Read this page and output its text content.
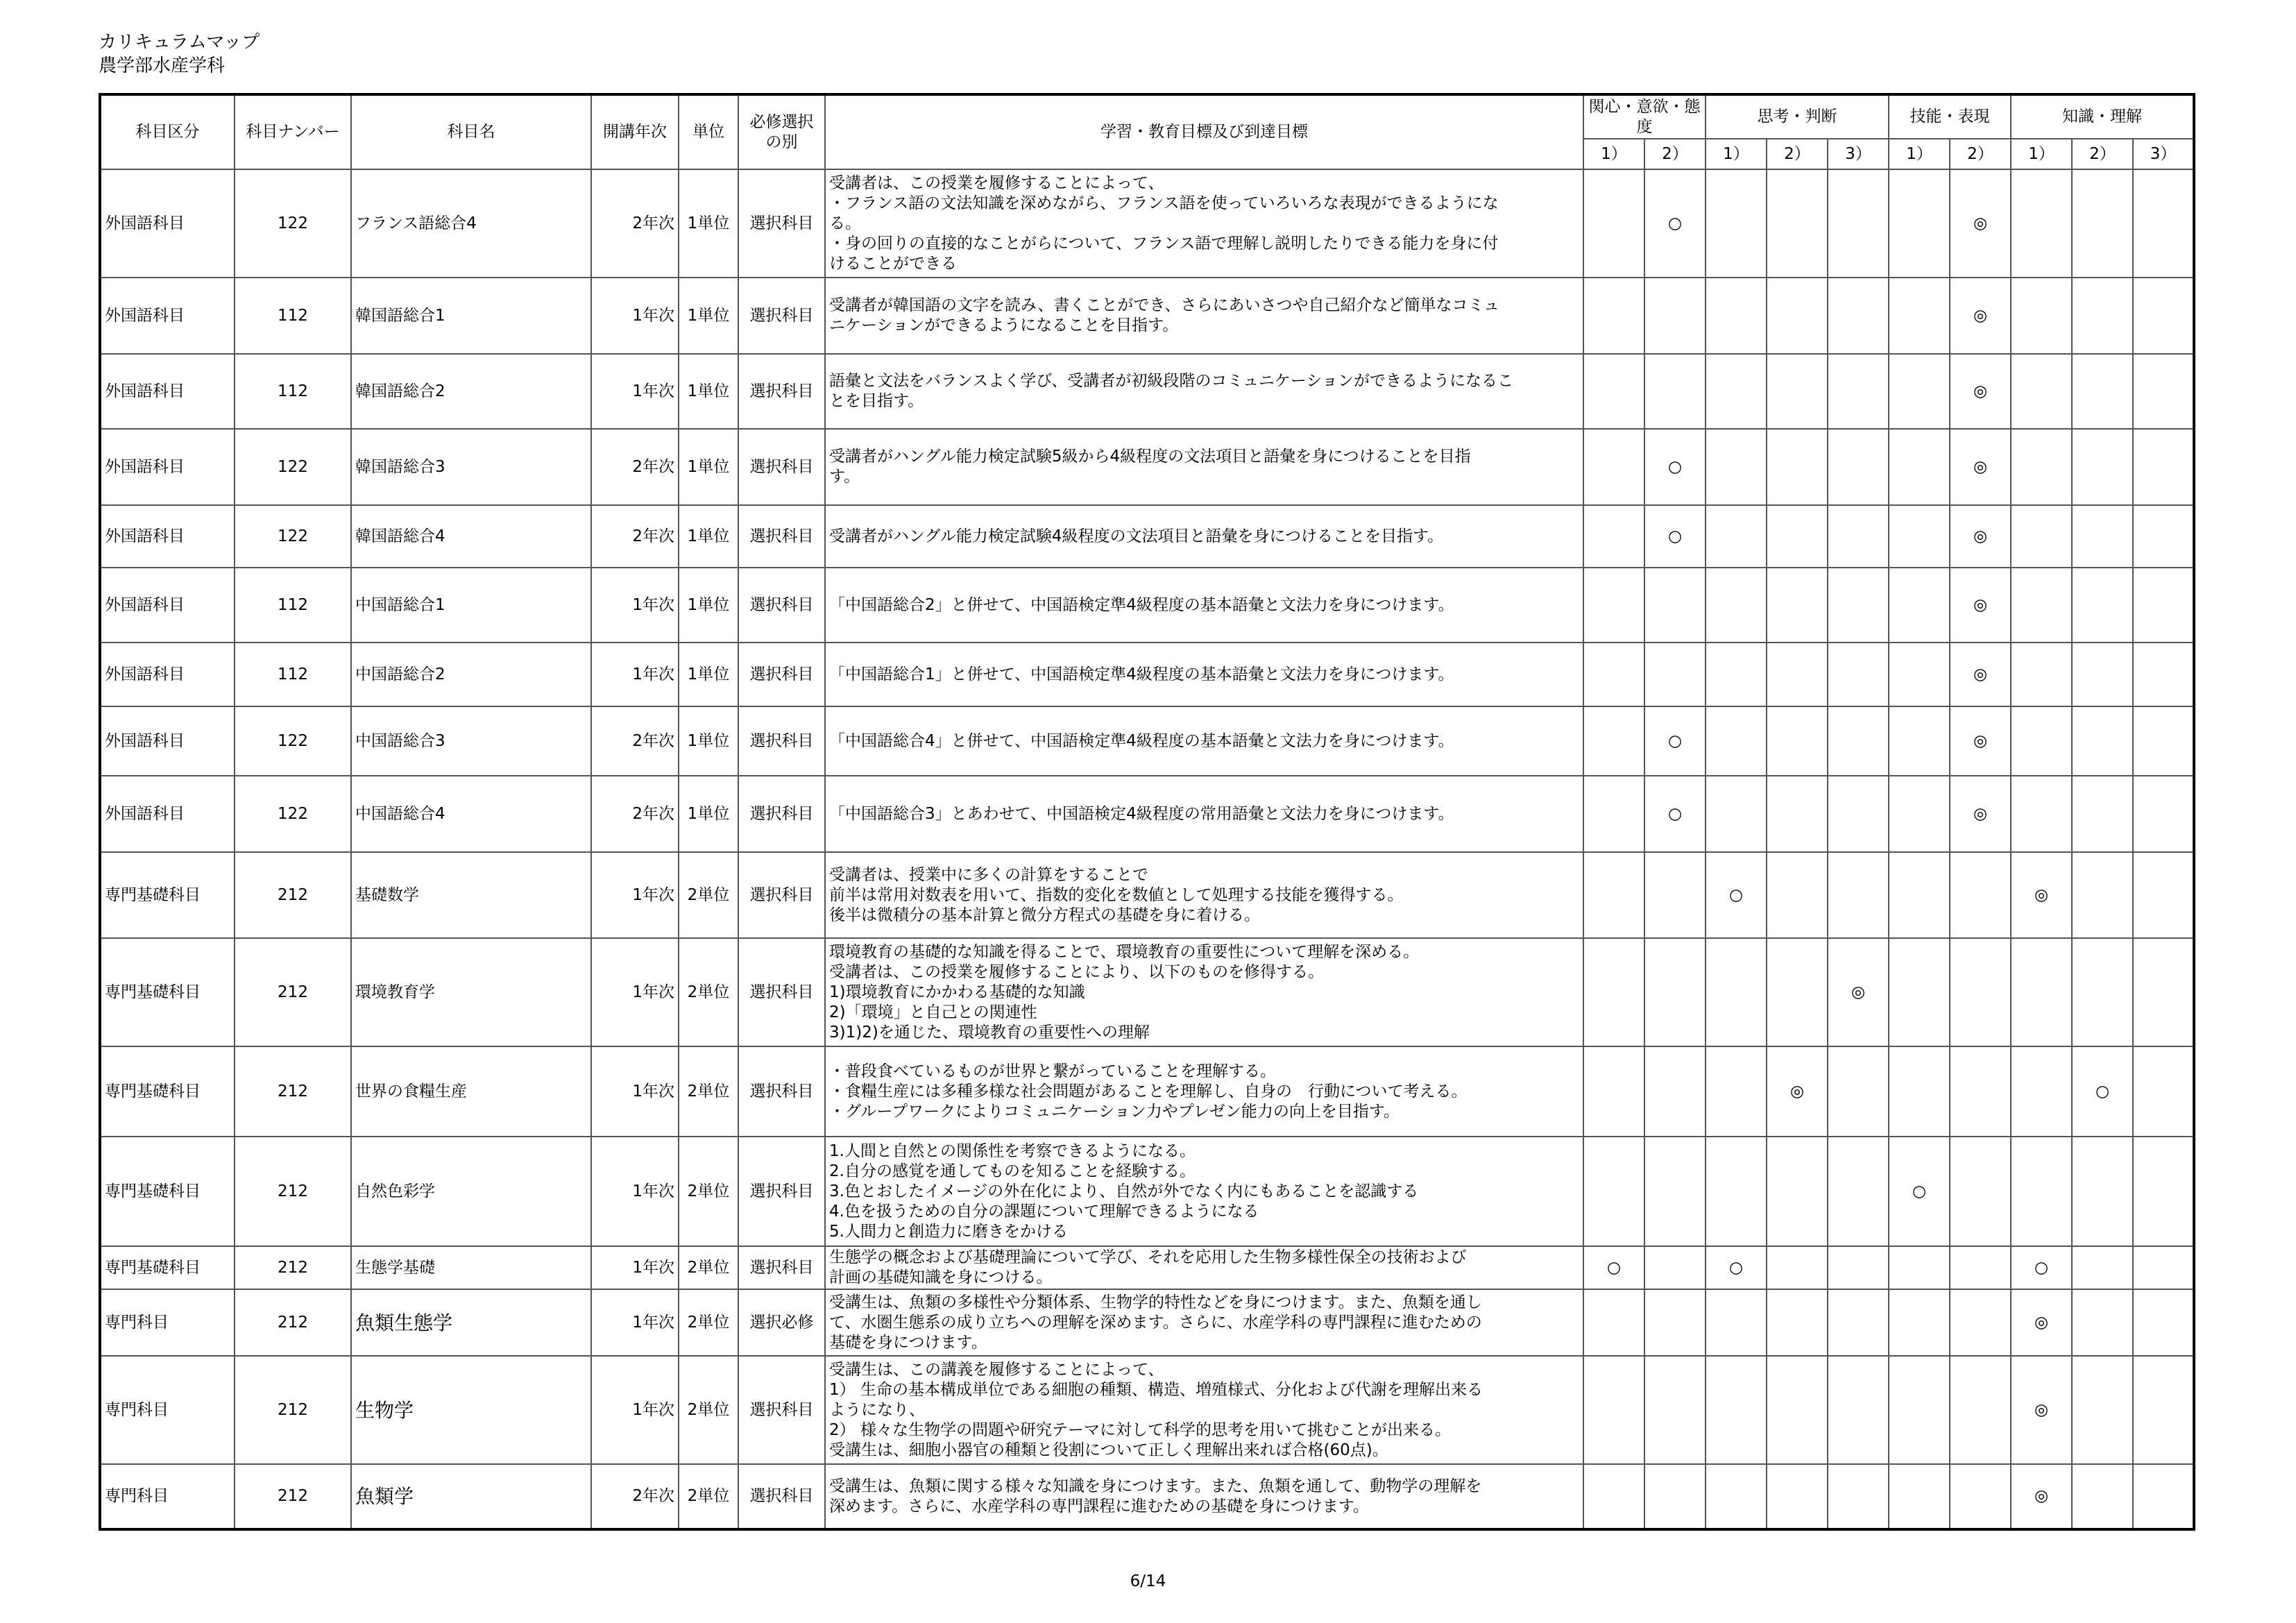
カリキュラムマップ
農学部水産学科
科目区分	科目ナンバー	科目名	開講年次	単位	必修選択の別	学習・教育目標及び到達目標	関心・意欲・態度		思考・判断			技能・表現		知識・理解		
							1）	2）	1）	2）	3）	1）	2）	1）	2）	3）
外国語科目	122	フランス語総合4	2年次	1単位	選択科目	受講者は、この授業を履修することによって、
・フランス語の文法知識を深めながら、フランス語を使っていろいろな表現ができるようにな
る。
・身の回りの直接的なことがらについて、フランス語で理解し説明したりできる能力を身に付
けることができる		○					◎			
外国語科目	112	韓国語総合1	1年次	1単位	選択科目	受講者が韓国語の文字を読み、書くことができ、さらにあいさつや自己紹介など簡単なコミュ
ニケーションができるようになることを目指す。							◎			
外国語科目	112	韓国語総合2	1年次	1単位	選択科目	語彙と文法をバランスよく学び、受講者が初級段階のコミュニケーションができるようになるこ
とを目指す。							◎			
外国語科目	122	韓国語総合3	2年次	1単位	選択科目	受講者がハングル能力検定試験5級から4級程度の文法項目と語彙を身につけることを目指
す。		○					◎			
外国語科目	122	韓国語総合4	2年次	1単位	選択科目	受講者がハングル能力検定試験4級程度の文法項目と語彙を身につけることを目指す。		○					◎			
外国語科目	112	中国語総合1	1年次	1単位	選択科目	「中国語総合2」と併せて、中国語検定準4級程度の基本語彙と文法力を身につけます。							◎			
外国語科目	112	中国語総合2	1年次	1単位	選択科目	「中国語総合1」と併せて、中国語検定準4級程度の基本語彙と文法力を身につけます。							◎			
外国語科目	122	中国語総合3	2年次	1単位	選択科目	「中国語総合4」と併せて、中国語検定準4級程度の基本語彙と文法力を身につけます。		○					◎			
外国語科目	122	中国語総合4	2年次	1単位	選択科目	「中国語総合3」とあわせて、中国語検定4級程度の常用語彙と文法力を身につけます。		○					◎			
専門基礎科目	212	基礎数学	1年次	2単位	選択科目	受講者は、授業中に多くの計算をすることで
前半は常用対数表を用いて、指数的変化を数値として処理する技能を獲得する。
後半は微積分の基本計算と微分方程式の基礎を身に着ける。			○					◎		
専門基礎科目	212	環境教育学	1年次	2単位	選択科目	環境教育の基礎的な知識を得ることで、環境教育の重要性について理解を深める。
受講者は、この授業を履修することにより、以下のものを修得する。
1)環境教育にかかわる基礎的な知識
2)「環境」と自己との関連性
3)1)2)を通じた、環境教育の重要性への理解					◎					
専門基礎科目	212	世界の食糧生産	1年次	2単位	選択科目	・普段食べているものが世界と繋がっていることを理解する。
・食糧生産には多種多様な社会問題があることを理解し、自身の　行動について考える。
・グループワークによりコミュニケーション力やプレゼン能力の向上を目指す。				◎					○	
専門基礎科目	212	自然色彩学	1年次	2単位	選択科目	1.人間と自然との関係性を考察できるようになる。
2.自分の感覚を通してものを知ることを経験する。
3.色とおしたイメージの外在化により、自然が外でなく内にもあることを認識する
4.色を扱うための自分の課題について理解できるようになる
5.人間力と創造力に磨きをかける						○				
専門基礎科目	212	生態学基礎	1年次	2単位	選択科目	生態学の概念および基礎理論について学び、それを応用した生物多様性保全の技術および
計画の基礎知識を身につける。	○		○					○		
専門科目	212	魚類生態学	1年次	2単位	選択必修	受講生は、魚類の多様性や分類体系、生物学的特性などを身につけます。また、魚類を通し
て、水圏生態系の成り立ちへの理解を深めます。さらに、水産学科の専門課程に進むための
基礎を身につけます。								◎		
専門科目	212	生物学	1年次	2単位	選択科目	受講生は、この講義を履修することによって、
1） 生命の基本構成単位である細胞の種類、構造、増殖様式、分化および代謝を理解出来る
ようになり、
2） 様々な生物学の問題や研究テーマに対して科学的思考を用いて挑むことが出来る。
受講生は、細胞小器官の種類と役割について正しく理解出来れば合格(60点)。								◎		
専門科目	212	魚類学	2年次	2単位	選択科目	受講生は、魚類に関する様々な知識を身につけます。また、魚類を通して、動物学の理解を
深めます。さらに、水産学科の専門課程に進むための基礎を身につけます。								◎		
6/14
